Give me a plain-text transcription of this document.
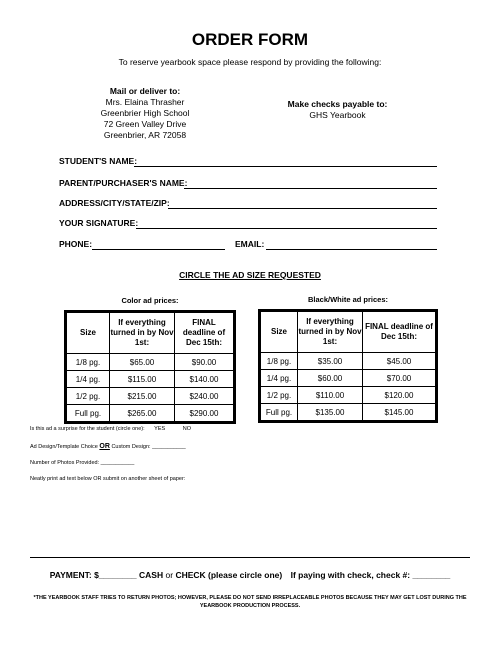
ORDER FORM
To reserve yearbook space please respond by providing the following:
Mail or deliver to:
Mrs. Elaina Thrasher
Greenbrier High School
72 Green Valley Drive
Greenbrier, AR 72058
Make checks payable to:
GHS Yearbook
STUDENT'S NAME:
PARENT/PURCHASER'S NAME:
ADDRESS/CITY/STATE/ZIP:
YOUR SIGNATURE:
PHONE:	EMAIL:
CIRCLE THE AD SIZE REQUESTED
Color ad prices:
Size	If everything turned in by Nov 1st:	FINAL deadline of Dec 15th:
1/8 pg.	$65.00	$90.00
1/4 pg.	$115.00	$140.00
1/2 pg.	$215.00	$240.00
Full pg.	$265.00	$290.00
Black/White ad prices:
Size	If everything turned in by Nov 1st:	FINAL deadline of Dec 15th:
1/8 pg.	$35.00	$45.00
1/4 pg.	$60.00	$70.00
1/2 pg.	$110.00	$120.00
Full pg.	$135.00	$145.00
Is this ad a surprise for the student (circle one): YES	NO
Ad Design/Template Choice OR Custom Design: ___________
Number of Photos Provided: ___________
Neatly print ad text below OR submit on another sheet of paper:
PAYMENT: $________ CASH or CHECK (please circle one) If paying with check, check #: ________
*THE YEARBOOK STAFF TRIES TO RETURN PHOTOS; HOWEVER, PLEASE DO NOT SEND IRREPLACEABLE PHOTOS BECAUSE THEY MAY GET LOST DURING THE YEARBOOK PRODUCTION PROCESS.
